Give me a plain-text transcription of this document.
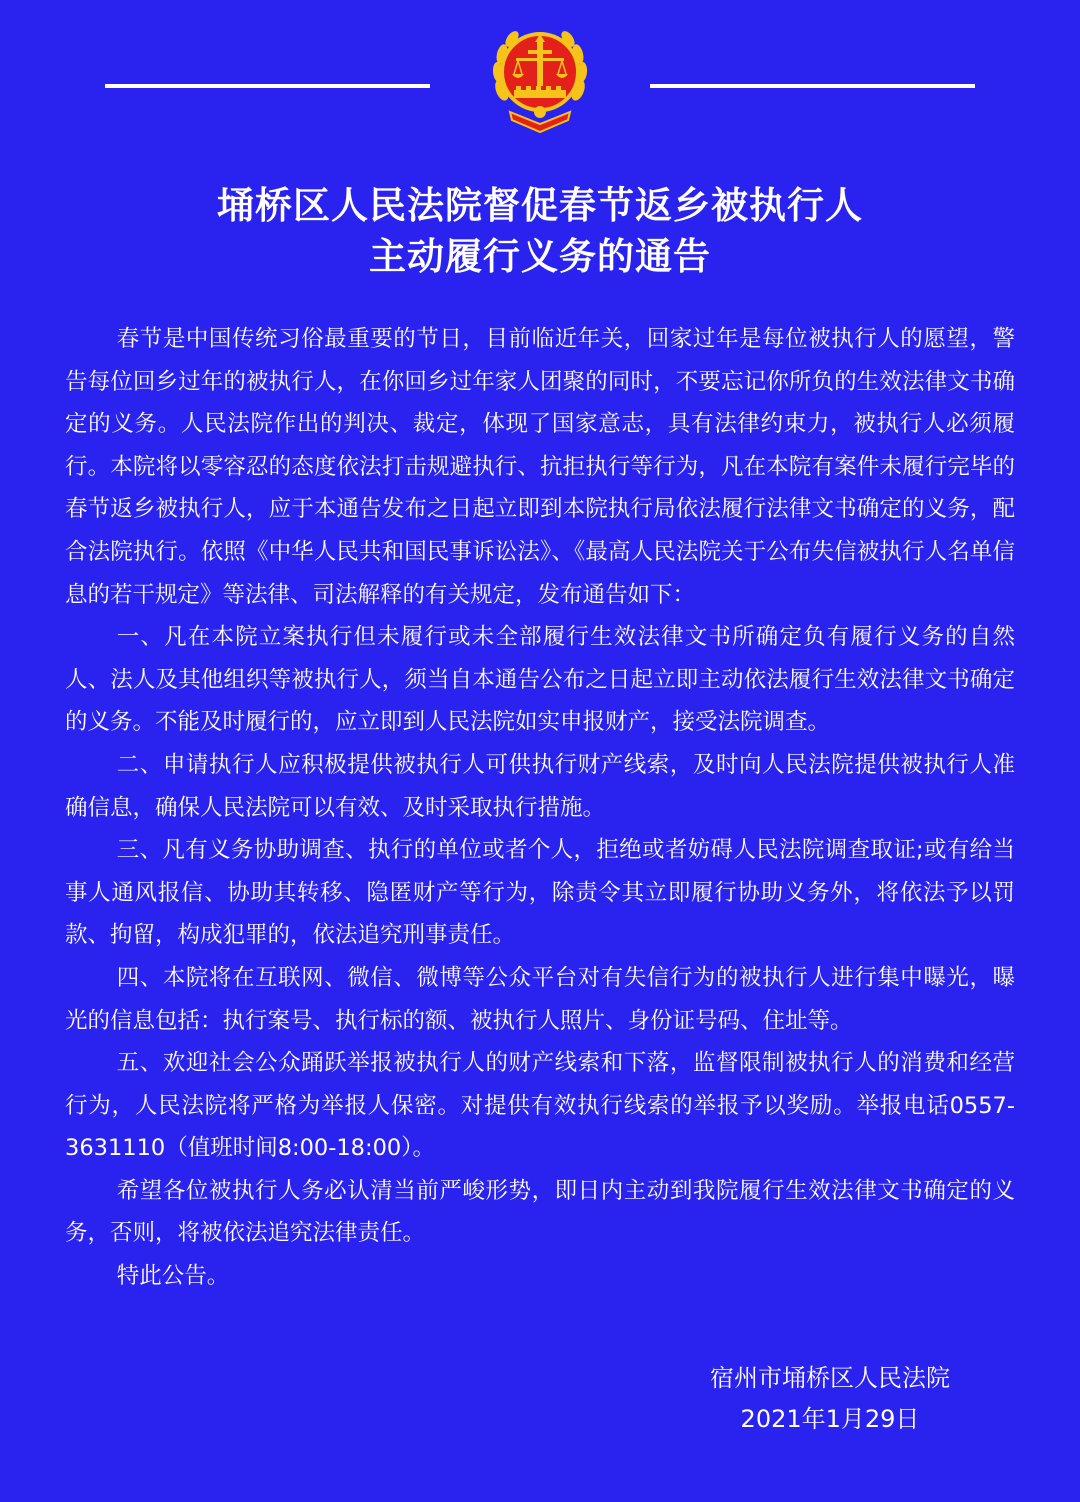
埇桥区人民法院督促春节返乡被执行人
主动履行义务的通告

春节是中国传统习俗最重要的节日，目前临近年关，回家过年是每位被执行人的愿望，警告每位回乡过年的被执行人，在你回乡过年家人团聚的同时，不要忘记你所负的生效法律文书确定的义务。人民法院作出的判决、裁定，体现了国家意志，具有法律约束力，被执行人必须履行。本院将以零容忍的态度依法打击规避执行、抗拒执行等行为，凡在本院有案件未履行完毕的春节返乡被执行人，应于本通告发布之日起立即到本院执行局依法履行法律文书确定的义务，配合法院执行。依照《中华人民共和国民事诉讼法》、《最高人民法院关于公布失信被执行人名单信息的若干规定》等法律、司法解释的有关规定，发布通告如下：

一、凡在本院立案执行但未履行或未全部履行生效法律文书所确定负有履行义务的自然人、法人及其他组织等被执行人，须当自本通告公布之日起立即主动依法履行生效法律文书确定的义务。不能及时履行的，应立即到人民法院如实申报财产，接受法院调查。

二、申请执行人应积极提供被执行人可供执行财产线索，及时向人民法院提供被执行人准确信息，确保人民法院可以有效、及时采取执行措施。

三、凡有义务协助调查、执行的单位或者个人，拒绝或者妨碍人民法院调查取证;或有给当事人通风报信、协助其转移、隐匿财产等行为，除责令其立即履行协助义务外，将依法予以罚款、拘留，构成犯罪的，依法追究刑事责任。

四、本院将在互联网、微信、微博等公众平台对有失信行为的被执行人进行集中曝光，曝光的信息包括：执行案号、执行标的额、被执行人照片、身份证号码、住址等。

五、欢迎社会公众踊跃举报被执行人的财产线索和下落，监督限制被执行人的消费和经营行为，人民法院将严格为举报人保密。对提供有效执行线索的举报予以奖励。举报电话0557-3631110（值班时间8:00-18:00）。

希望各位被执行人务必认清当前严峻形势，即日内主动到我院履行生效法律文书确定的义务，否则，将被依法追究法律责任。

特此公告。

宿州市埇桥区人民法院
2021年1月29日
